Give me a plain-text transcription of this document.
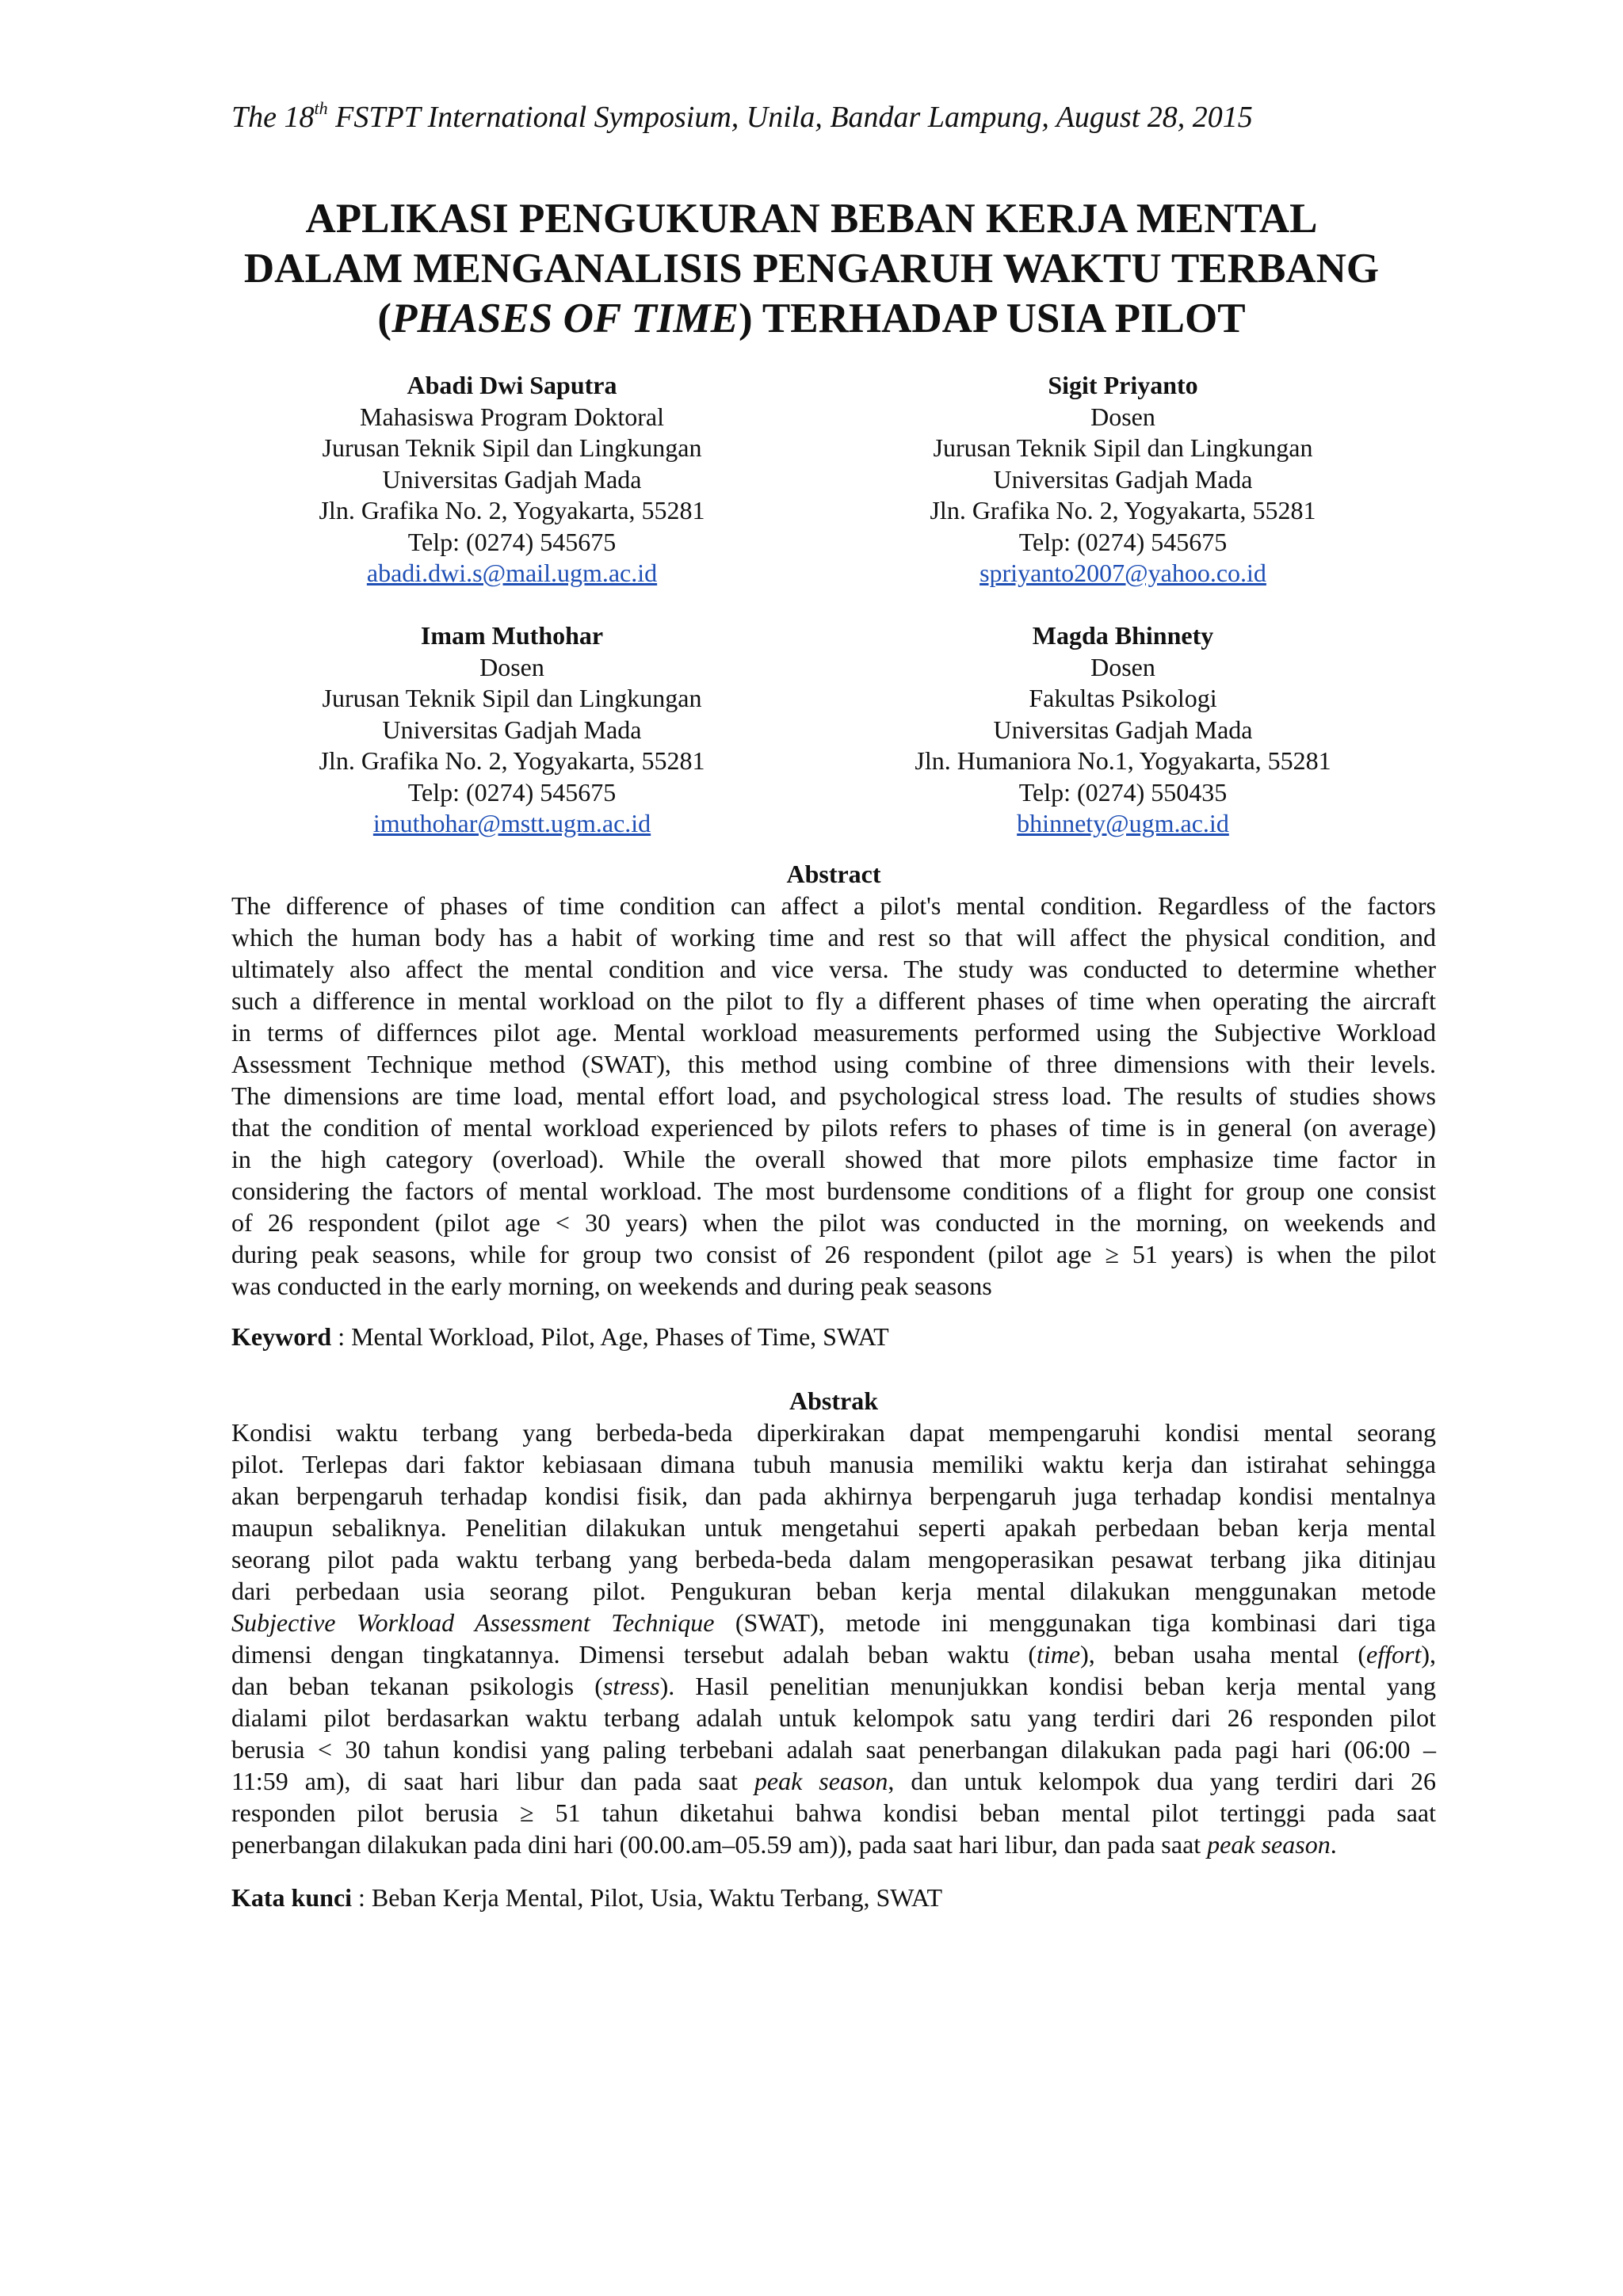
The 18th FSTPT International Symposium, Unila, Bandar Lampung, August 28, 2015
APLIKASI PENGUKURAN BEBAN KERJA MENTAL
DALAM MENGANALISIS PENGARUH WAKTU TERBANG
(PHASES OF TIME) TERHADAP USIA PILOT
Abadi Dwi Saputra
Mahasiswa Program Doktoral
Jurusan Teknik Sipil dan Lingkungan
Universitas Gadjah Mada
Jln. Grafika No. 2, Yogyakarta, 55281
Telp: (0274) 545675
abadi.dwi.s@mail.ugm.ac.id
Sigit Priyanto
Dosen
Jurusan Teknik Sipil dan Lingkungan
Universitas Gadjah Mada
Jln. Grafika No. 2, Yogyakarta, 55281
Telp: (0274) 545675
spriyanto2007@yahoo.co.id
Imam Muthohar
Dosen
Jurusan Teknik Sipil dan Lingkungan
Universitas Gadjah Mada
Jln. Grafika No. 2, Yogyakarta, 55281
Telp: (0274) 545675
imuthohar@mstt.ugm.ac.id
Magda Bhinnety
Dosen
Fakultas Psikologi
Universitas Gadjah Mada
Jln. Humaniora No.1, Yogyakarta, 55281
Telp: (0274) 550435
bhinnety@ugm.ac.id
Abstract
The difference of phases of time condition can affect a pilot's mental condition. Regardless of the factors
which the human body has a habit of working time and rest so that will affect the physical condition, and
ultimately also affect the mental condition and vice versa. The study was conducted to determine whether
such a difference in mental workload on the pilot to fly a different phases of time when operating the aircraft
in terms of differnces pilot age. Mental workload measurements performed using the Subjective Workload
Assessment Technique method (SWAT), this method using combine of three dimensions with their levels.
The dimensions are time load, mental effort load, and psychological stress load. The results of studies shows
that the condition of mental workload experienced by pilots refers to phases of time is in general (on average)
in the high category (overload). While the overall showed that more pilots emphasize time factor in
considering the factors of mental workload. The most burdensome conditions of a flight for group one consist
of 26 respondent (pilot age < 30 years) when the pilot was conducted in the morning, on weekends and
during peak seasons, while for group two consist of 26 respondent (pilot age ≥ 51 years) is when the pilot
was conducted in the early morning, on weekends and during peak seasons
Keyword : Mental Workload, Pilot, Age, Phases of Time, SWAT
Abstrak
Kondisi waktu terbang yang berbeda-beda diperkirakan dapat mempengaruhi kondisi mental seorang
pilot. Terlepas dari faktor kebiasaan dimana tubuh manusia memiliki waktu kerja dan istirahat sehingga
akan berpengaruh terhadap kondisi fisik, dan pada akhirnya berpengaruh juga terhadap kondisi mentalnya
maupun sebaliknya. Penelitian dilakukan untuk mengetahui seperti apakah perbedaan beban kerja mental
seorang pilot pada waktu terbang yang berbeda-beda dalam mengoperasikan pesawat terbang jika ditinjau
dari perbedaan usia seorang pilot. Pengukuran beban kerja mental dilakukan menggunakan metode
Subjective Workload Assessment Technique (SWAT), metode ini menggunakan tiga kombinasi dari tiga
dimensi dengan tingkatannya. Dimensi tersebut adalah beban waktu (time), beban usaha mental (effort),
dan beban tekanan psikologis (stress). Hasil penelitian menunjukkan kondisi beban kerja mental yang
dialami pilot berdasarkan waktu terbang adalah untuk kelompok satu yang terdiri dari 26 responden pilot
berusia < 30 tahun kondisi yang paling terbebani adalah saat penerbangan dilakukan pada pagi hari (06:00 –
11:59 am), di saat hari libur dan pada saat peak season, dan untuk kelompok dua yang terdiri dari 26
responden pilot berusia ≥ 51 tahun diketahui bahwa kondisi beban mental pilot tertinggi pada saat
penerbangan dilakukan pada dini hari (00.00.am–05.59 am)), pada saat hari libur, dan pada saat peak season.
Kata kunci : Beban Kerja Mental, Pilot, Usia, Waktu Terbang, SWAT
